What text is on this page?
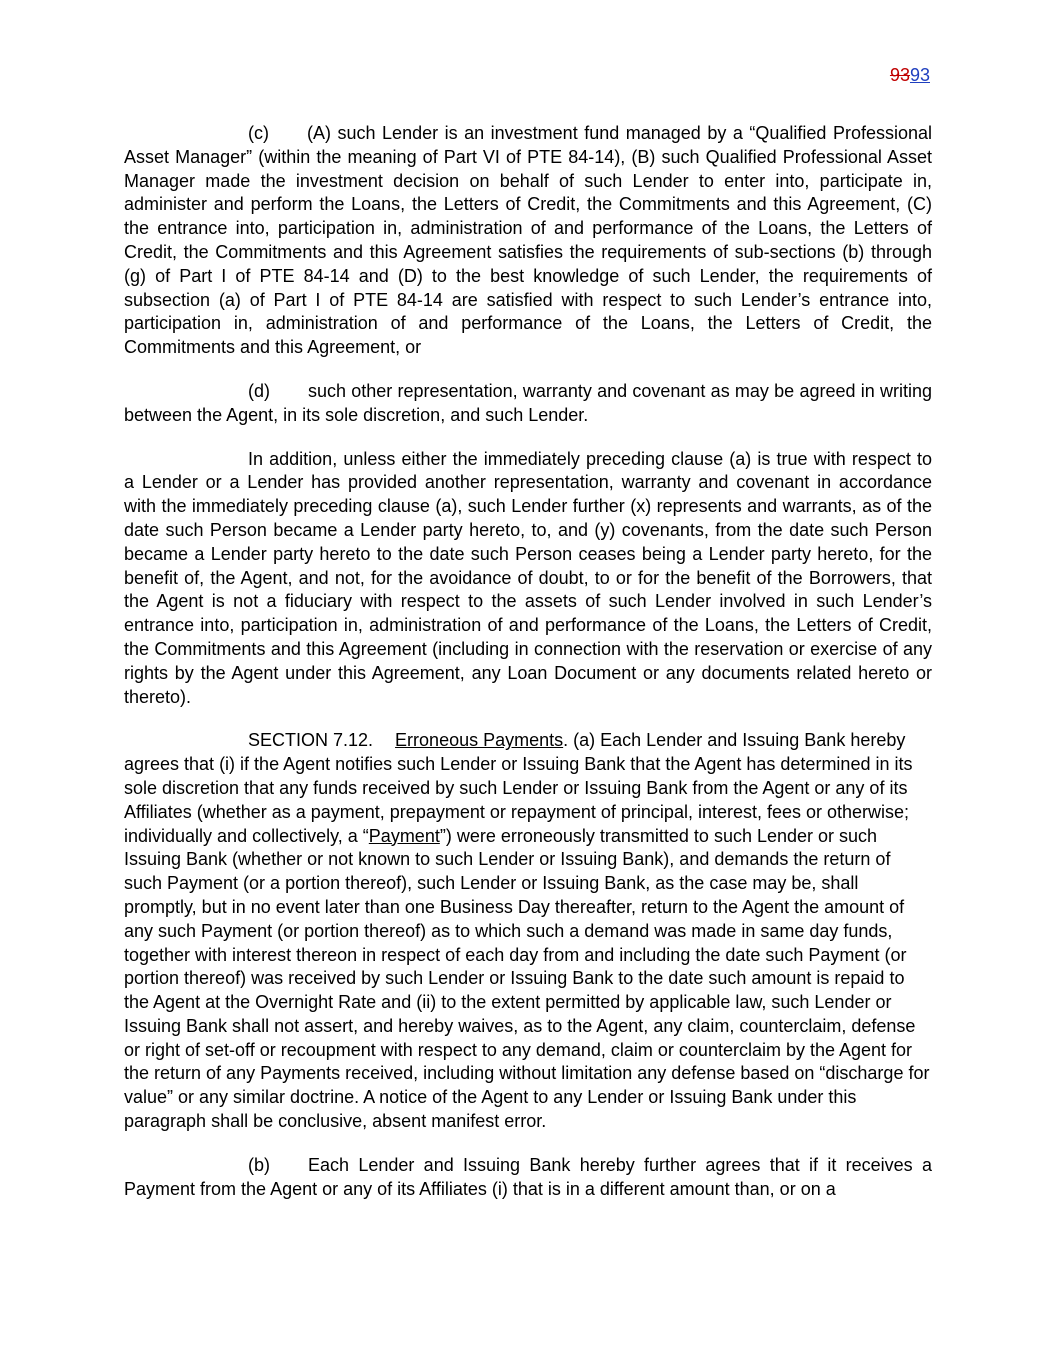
9393

(c) (A) such Lender is an investment fund managed by a “Qualified Professional Asset Manager” (within the meaning of Part VI of PTE 84-14), (B) such Qualified Professional Asset Manager made the investment decision on behalf of such Lender to enter into, participate in, administer and perform the Loans, the Letters of Credit, the Commitments and this Agreement, (C) the entrance into, participation in, administration of and performance of the Loans, the Letters of Credit, the Commitments and this Agreement satisfies the requirements of sub-sections (b) through (g) of Part I of PTE 84-14 and (D) to the best knowledge of such Lender, the requirements of subsection (a) of Part I of PTE 84-14 are satisfied with respect to such Lender’s entrance into, participation in, administration of and performance of the Loans, the Letters of Credit, the Commitments and this Agreement, or

(d) such other representation, warranty and covenant as may be agreed in writing between the Agent, in its sole discretion, and such Lender.

In addition, unless either the immediately preceding clause (a) is true with respect to a Lender or a Lender has provided another representation, warranty and covenant in accordance with the immediately preceding clause (a), such Lender further (x) represents and warrants, as of the date such Person became a Lender party hereto, to, and (y) covenants, from the date such Person became a Lender party hereto to the date such Person ceases being a Lender party hereto, for the benefit of, the Agent, and not, for the avoidance of doubt, to or for the benefit of the Borrowers, that the Agent is not a fiduciary with respect to the assets of such Lender involved in such Lender’s entrance into, participation in, administration of and performance of the Loans, the Letters of Credit, the Commitments and this Agreement (including in connection with the reservation or exercise of any rights by the Agent under this Agreement, any Loan Document or any documents related hereto or thereto).

SECTION 7.12. Erroneous Payments. (a) Each Lender and Issuing Bank hereby agrees that (i) if the Agent notifies such Lender or Issuing Bank that the Agent has determined in its sole discretion that any funds received by such Lender or Issuing Bank from the Agent or any of its Affiliates (whether as a payment, prepayment or repayment of principal, interest, fees or otherwise; individually and collectively, a “Payment”) were erroneously transmitted to such Lender or such Issuing Bank (whether or not known to such Lender or Issuing Bank), and demands the return of such Payment (or a portion thereof), such Lender or Issuing Bank, as the case may be, shall promptly, but in no event later than one Business Day thereafter, return to the Agent the amount of any such Payment (or portion thereof) as to which such a demand was made in same day funds, together with interest thereon in respect of each day from and including the date such Payment (or portion thereof) was received by such Lender or Issuing Bank to the date such amount is repaid to the Agent at the Overnight Rate and (ii) to the extent permitted by applicable law, such Lender or Issuing Bank shall not assert, and hereby waives, as to the Agent, any claim, counterclaim, defense or right of set-off or recoupment with respect to any demand, claim or counterclaim by the Agent for the return of any Payments received, including without limitation any defense based on “discharge for value” or any similar doctrine. A notice of the Agent to any Lender or Issuing Bank under this paragraph shall be conclusive, absent manifest error.

(b) Each Lender and Issuing Bank hereby further agrees that if it receives a Payment from the Agent or any of its Affiliates (i) that is in a different amount than, or on a
